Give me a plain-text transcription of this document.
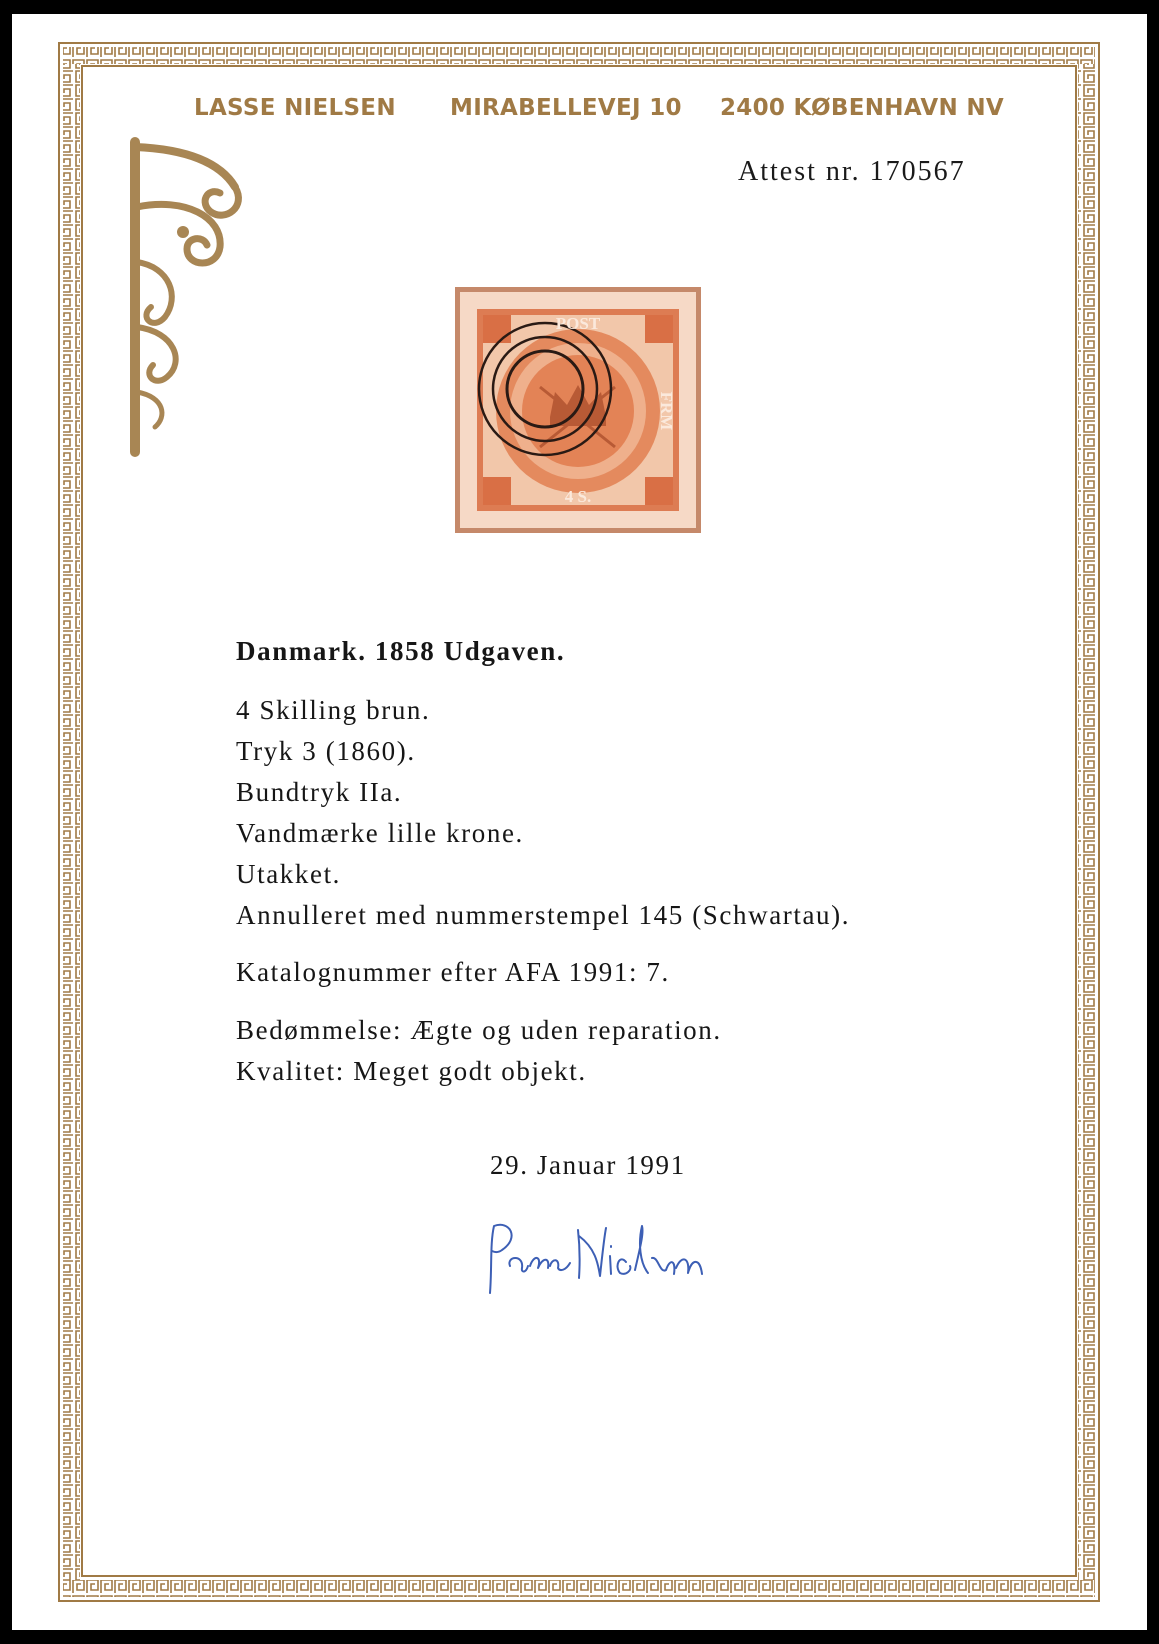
LASSE NIELSEN MIRABELLEVEJ 10 2400 KØBENHAVN NV
Attest nr. 170567
POST
FRM
4 S.
Danmark. 1858 Udgaven.
4 Skilling brun.
Tryk 3 (1860).
Bundtryk IIa.
Vandmærke lille krone.
Utakket.
Annulleret med nummerstempel 145 (Schwartau).
Katalognummer efter AFA 1991: 7.
Bedømmelse: Ægte og uden reparation.
Kvalitet: Meget godt objekt.
29. Januar 1991
Lasse Nielsen
